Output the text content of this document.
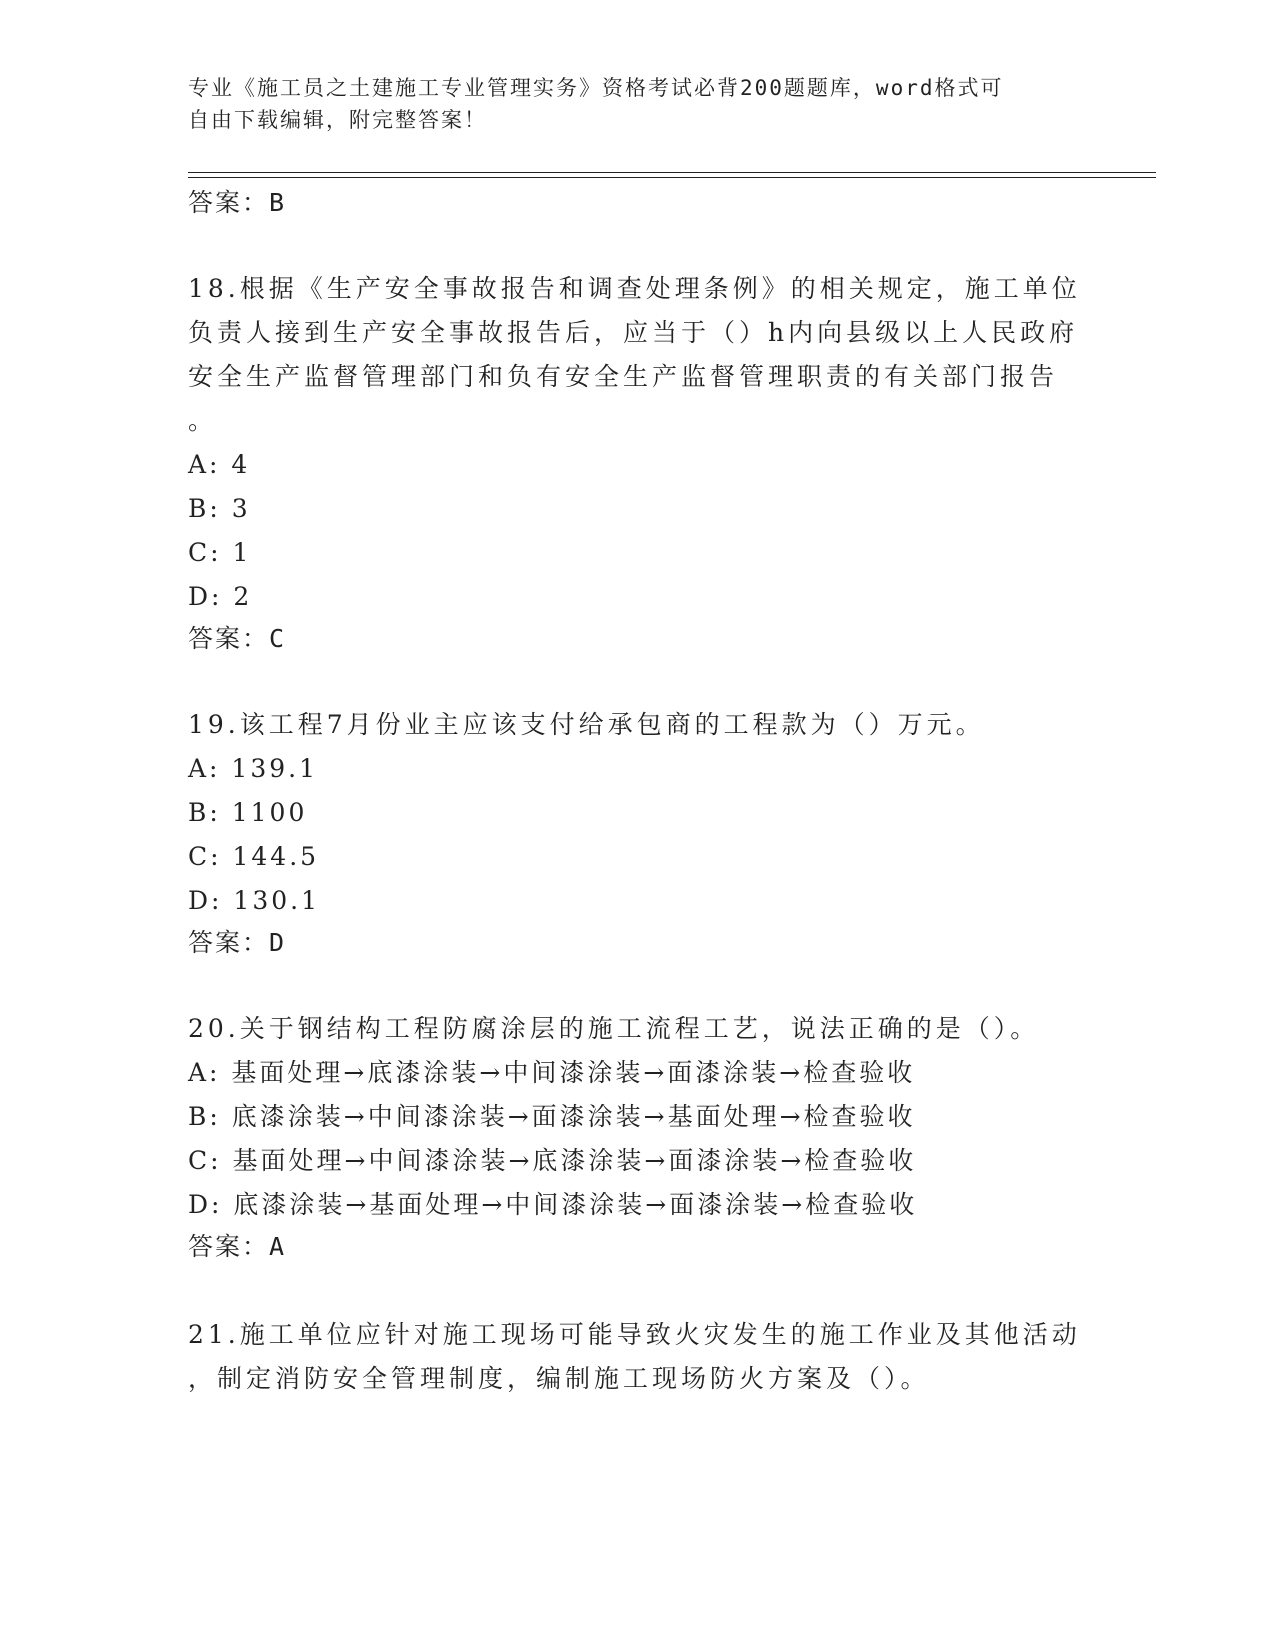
专业《施工员之土建施工专业管理实务》资格考试必背200题题库，word格式可
自由下载编辑，附完整答案！
答案：B
18.根据《生产安全事故报告和调查处理条例》的相关规定，施工单位
负责人接到生产安全事故报告后，应当于（）h内向县级以上人民政府
安全生产监督管理部门和负有安全生产监督管理职责的有关部门报告
。
A: 4
B: 3
C: 1
D: 2
答案：C
19.该工程7月份业主应该支付给承包商的工程款为（）万元。
A: 139.1
B: 1100
C: 144.5
D: 130.1
答案：D
20.关于钢结构工程防腐涂层的施工流程工艺，说法正确的是（）。
A: 基面处理→底漆涂装→中间漆涂装→面漆涂装→检查验收
B: 底漆涂装→中间漆涂装→面漆涂装→基面处理→检查验收
C: 基面处理→中间漆涂装→底漆涂装→面漆涂装→检查验收
D: 底漆涂装→基面处理→中间漆涂装→面漆涂装→检查验收
答案：A
21.施工单位应针对施工现场可能导致火灾发生的施工作业及其他活动
，制定消防安全管理制度，编制施工现场防火方案及（）。
